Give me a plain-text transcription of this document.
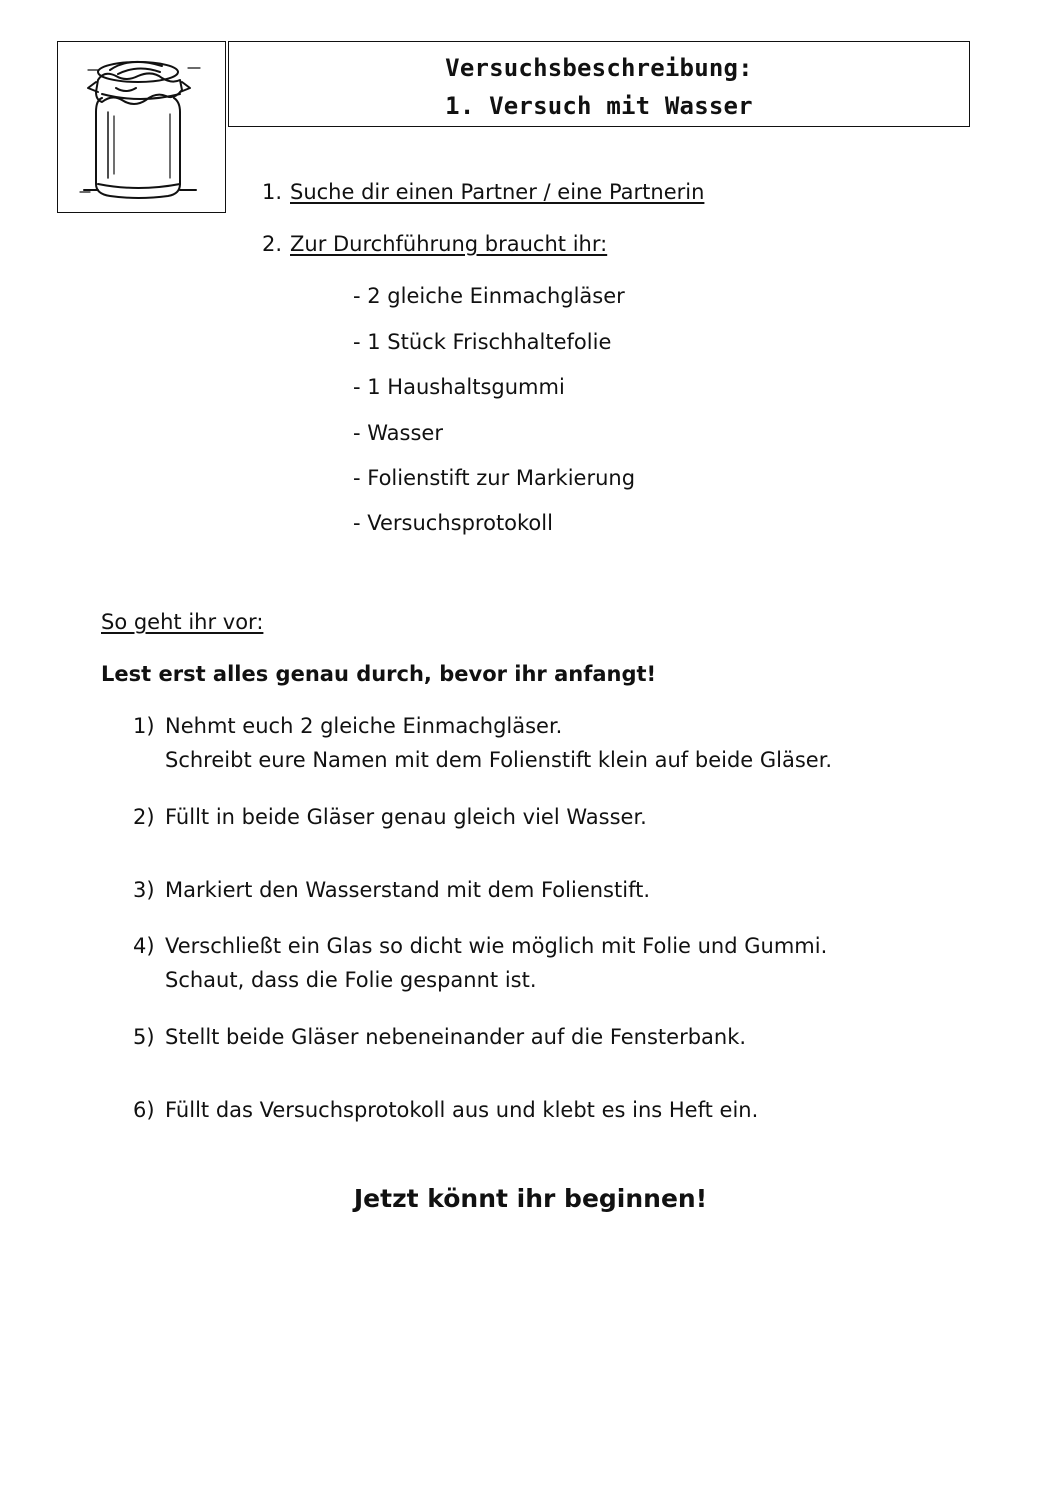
Versuchsbeschreibung:
1. Versuch mit Wasser
1. Suche dir einen Partner / eine Partnerin
2. Zur Durchführung braucht ihr:
- 2 gleiche Einmachgläser
- 1 Stück Frischhaltefolie
- 1 Haushaltsgummi
- Wasser
- Folienstift zur Markierung
- Versuchsprotokoll
So geht ihr vor:
Lest erst alles genau durch, bevor ihr anfangt!
1) Nehmt euch 2 gleiche Einmachgläser.
Schreibt eure Namen mit dem Folienstift klein auf beide Gläser.
2) Füllt in beide Gläser genau gleich viel Wasser.
3) Markiert den Wasserstand mit dem Folienstift.
4) Verschließt ein Glas so dicht wie möglich mit Folie und Gummi.
Schaut, dass die Folie gespannt ist.
5) Stellt beide Gläser nebeneinander auf die Fensterbank.
6) Füllt das Versuchsprotokoll aus und klebt es ins Heft ein.
Jetzt könnt ihr beginnen!
